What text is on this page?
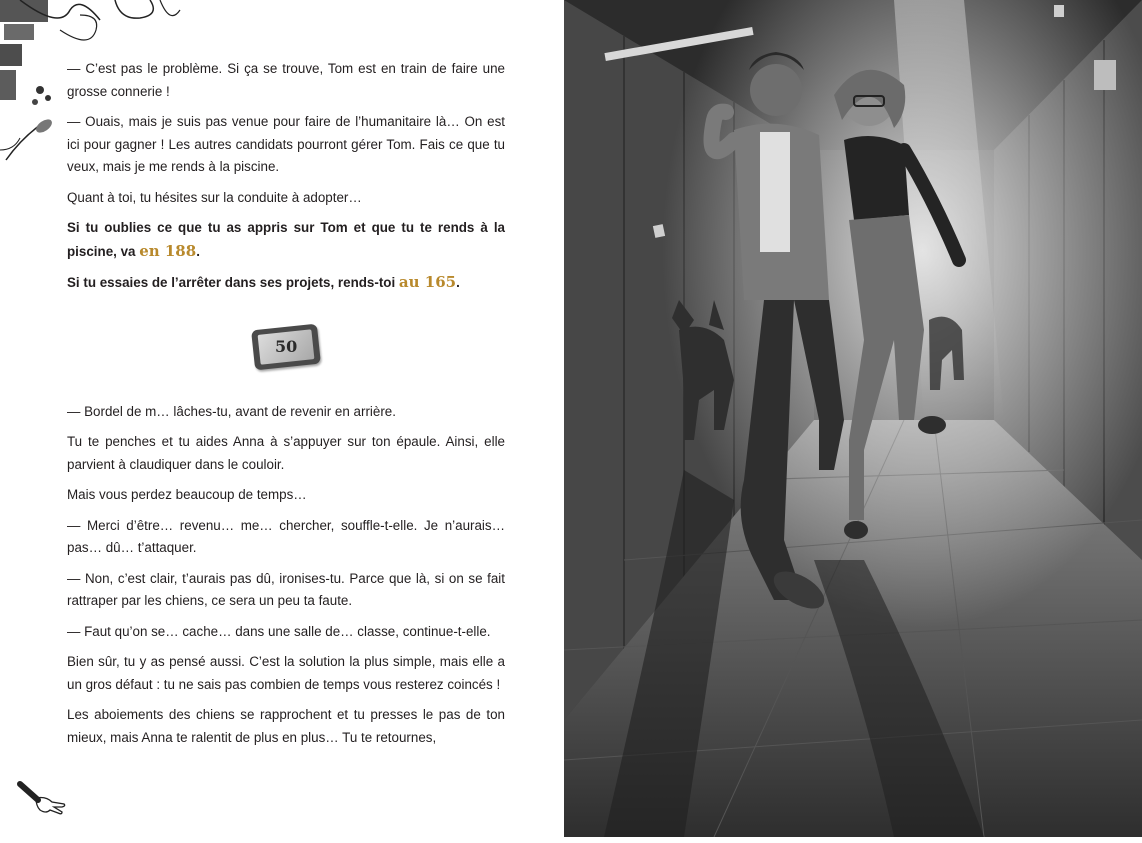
— C’est pas le problème. Si ça se trouve, Tom est en train de faire une grosse connerie !

— Ouais, mais je suis pas venue pour faire de l’humanitaire là… On est ici pour gagner ! Les autres candidats pourront gérer Tom. Fais ce que tu veux, mais je me rends à la piscine.

Quant à toi, tu hésites sur la conduite à adopter…

Si tu oublies ce que tu as appris sur Tom et que tu te rends à la piscine, va en 188.

Si tu essaies de l’arrêter dans ses projets, rends-toi au 165.

50

— Bordel de m… lâches-tu, avant de revenir en arrière.

Tu te penches et tu aides Anna à s’appuyer sur ton épaule. Ainsi, elle parvient à claudiquer dans le couloir.

Mais vous perdez beaucoup de temps…

— Merci d’être… revenu… me… chercher, souffle-t-elle. Je n’aurais… pas… dû… t’attaquer.

— Non, c’est clair, t’aurais pas dû, ironises-tu. Parce que là, si on se fait rattraper par les chiens, ce sera un peu ta faute.

— Faut qu’on se… cache… dans une salle de… classe, continue-t-elle.

Bien sûr, tu y as pensé aussi. C’est la solution la plus simple, mais elle a un gros défaut : tu ne sais pas combien de temps vous resterez coincés !

Les aboiements des chiens se rapprochent et tu presses le pas de ton mieux, mais Anna te ralentit de plus en plus… Tu te retournes,
